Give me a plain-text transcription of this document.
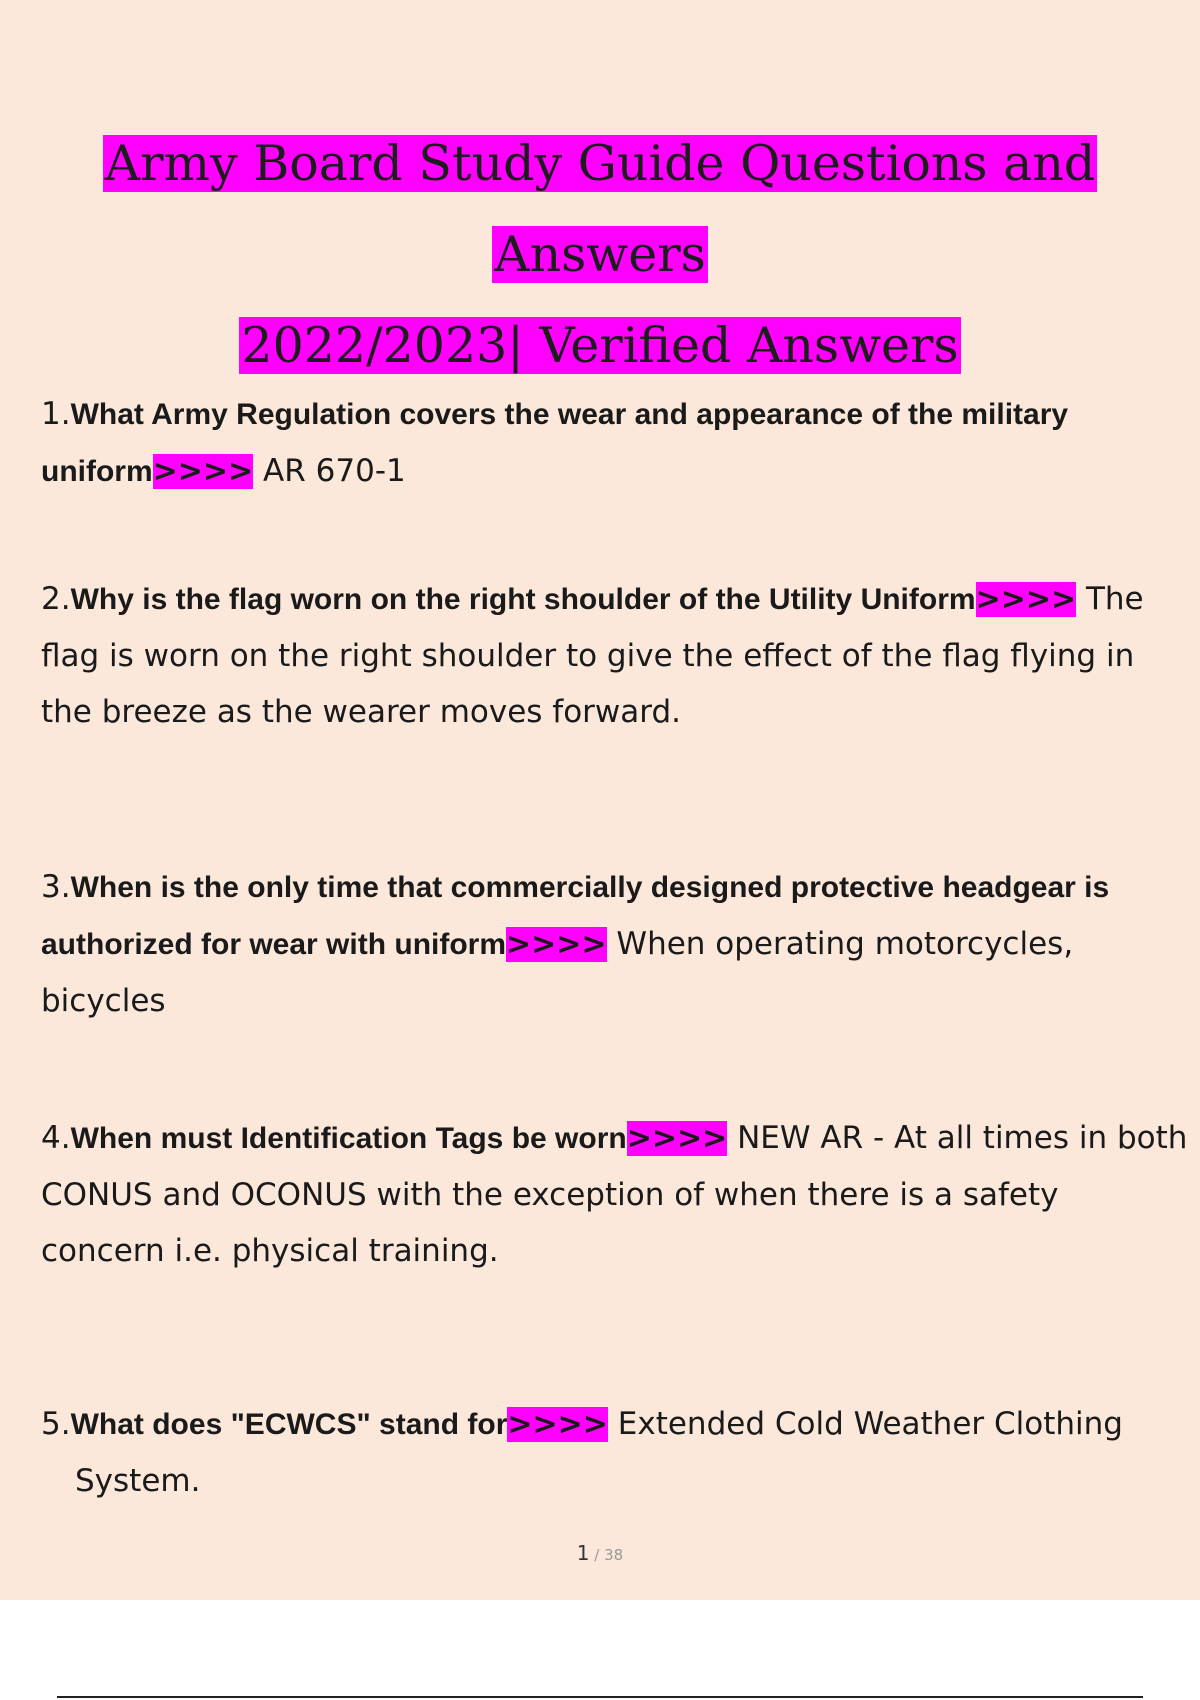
Army Board Study Guide Questions and Answers
2022/2023| Verified Answers
1.What Army Regulation covers the wear and appearance of the military uniform>>>> AR 670-1
2.Why is the flag worn on the right shoulder of the Utility Uniform>>>> The flag is worn on the right shoulder to give the effect of the flag flying in the breeze as the wearer moves forward.
3.When is the only time that commercially designed protective headgear is authorized for wear with uniform>>>> When operating motorcycles, bicycles
4.When must Identification Tags be worn>>>> NEW AR - At all times in both CONUS and OCONUS with the exception of when there is a safety concern i.e. physical training.
5.What does "ECWCS" stand for>>>> Extended Cold Weather Clothing System.
1 / 38
